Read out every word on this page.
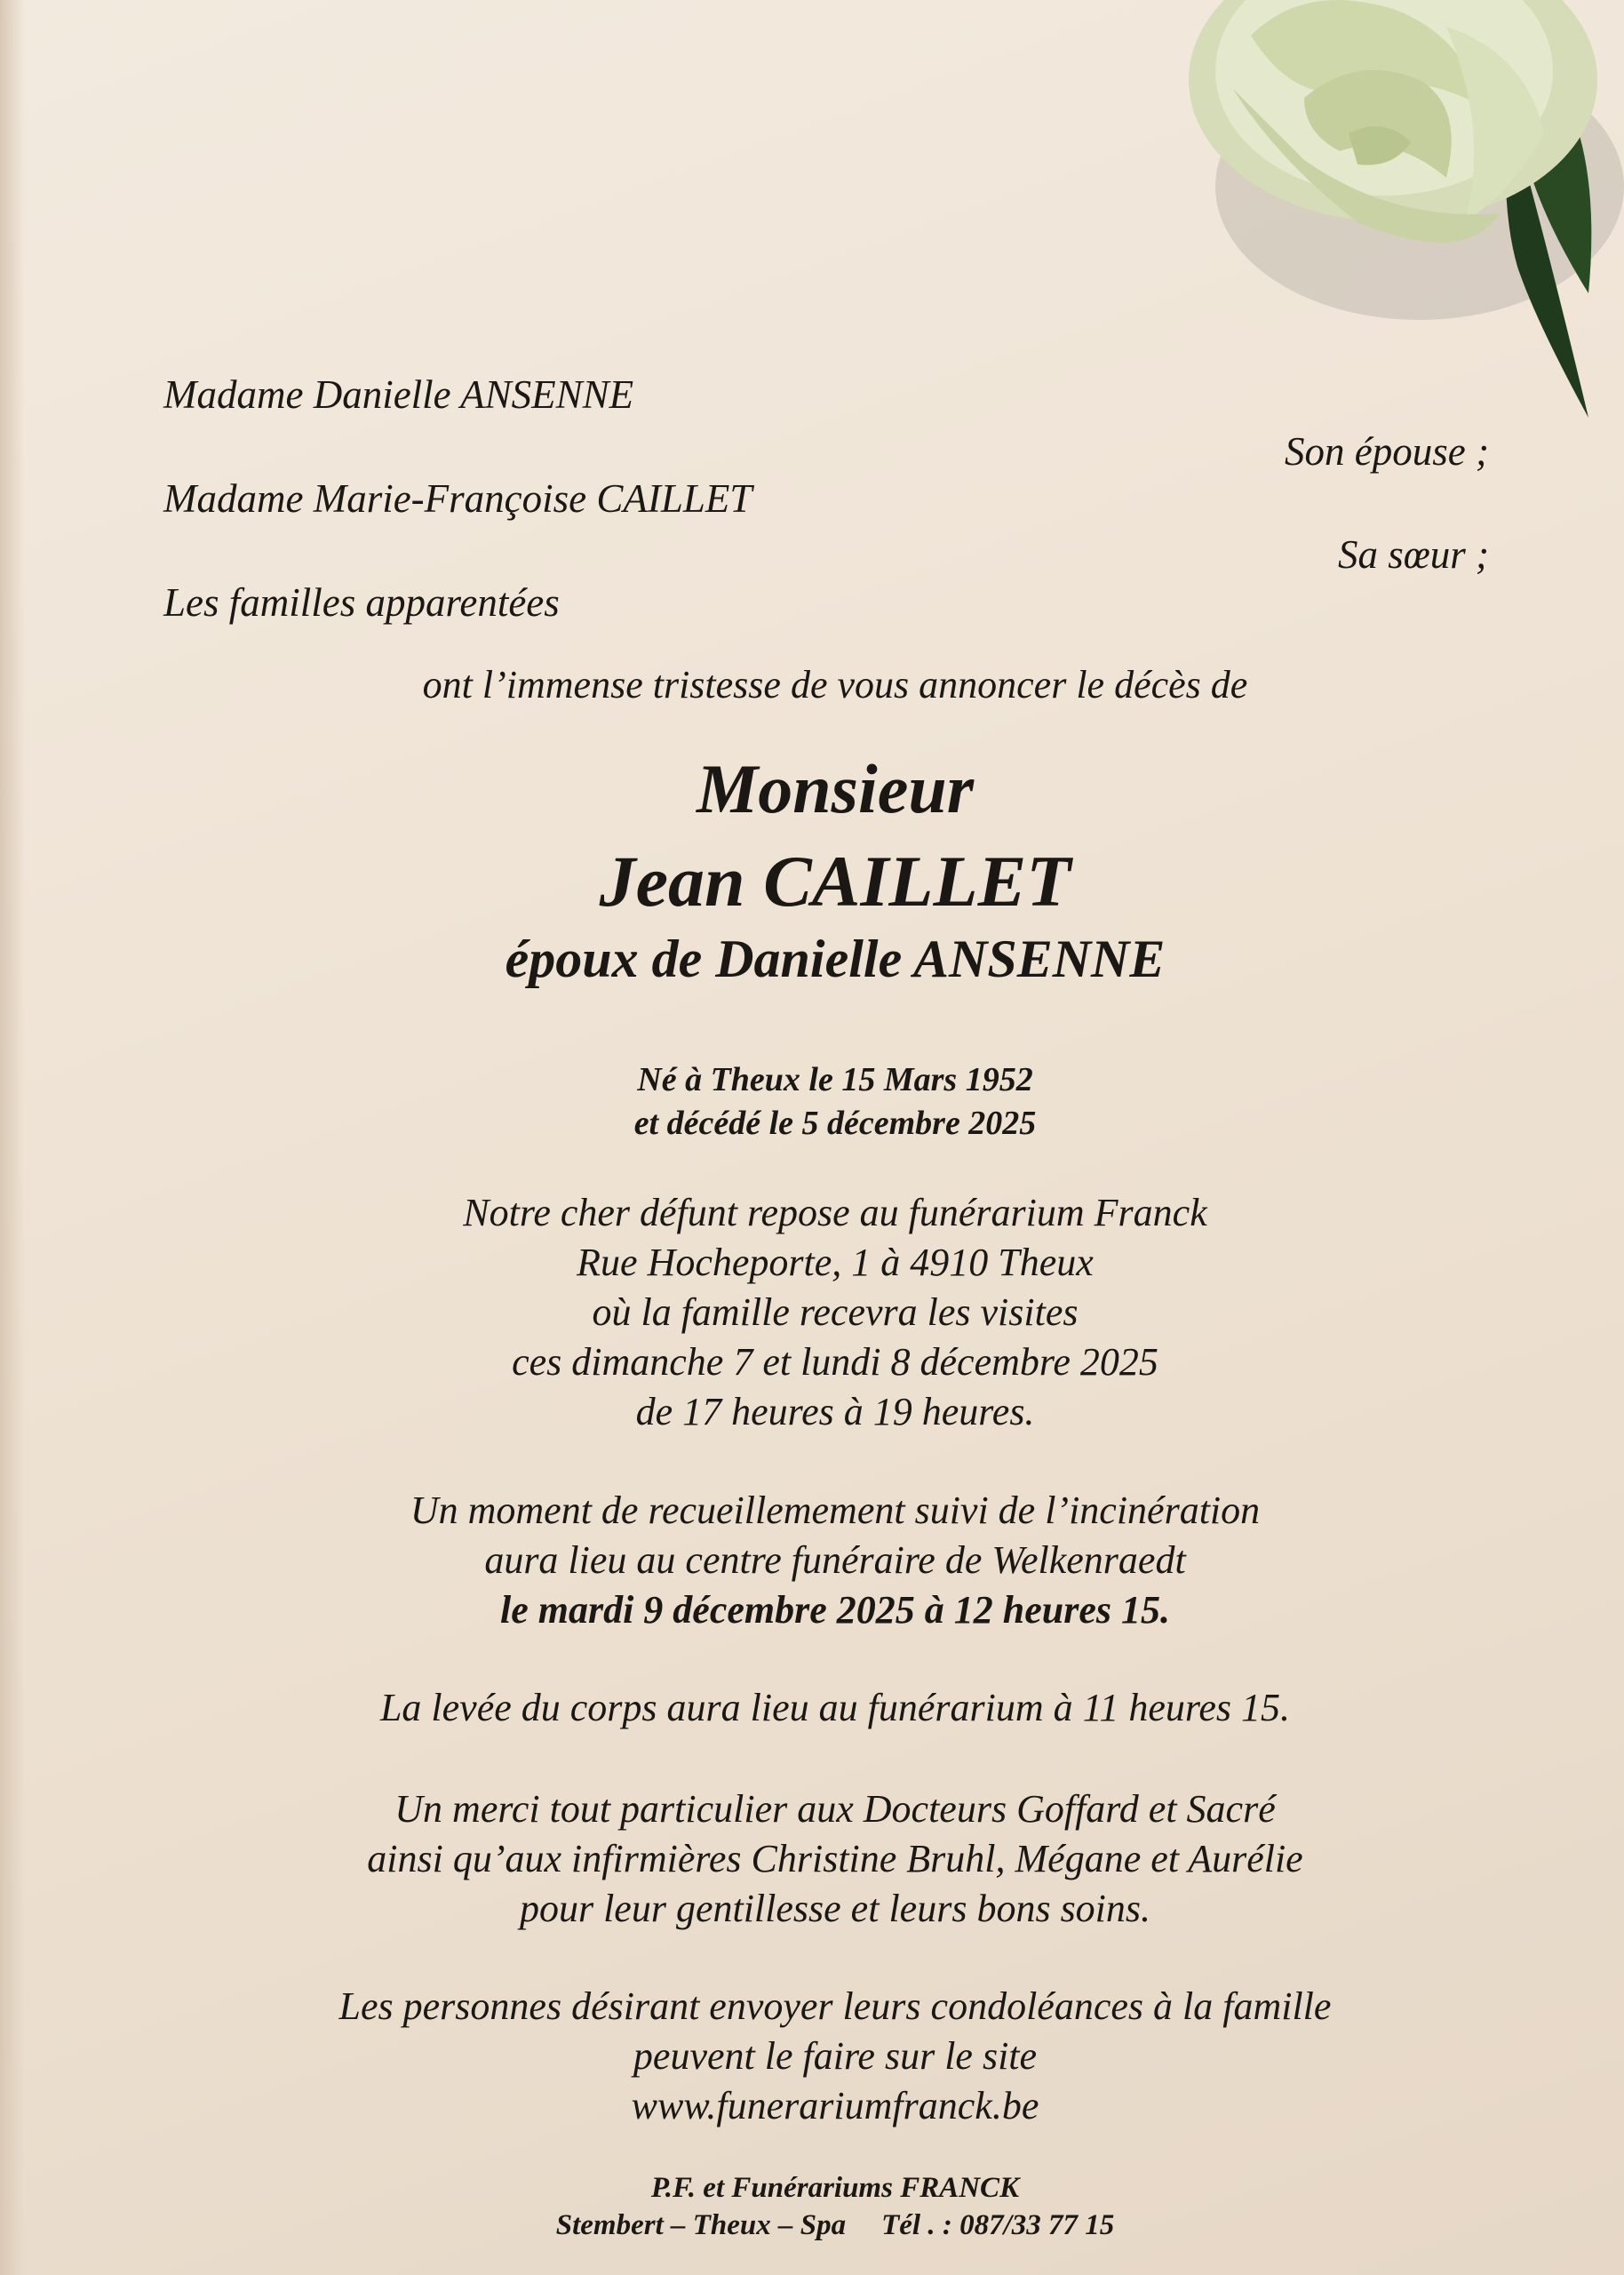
Madame Danielle ANSENNE
Son épouse ;
Madame Marie-Françoise CAILLET
Sa sœur ;
Les familles apparentées
ont l’immense tristesse de vous annoncer le décès de
Monsieur
Jean CAILLET
époux de Danielle ANSENNE
Né à Theux le 15 Mars 1952
et décédé le 5 décembre 2025
Notre cher défunt repose au funérarium Franck
Rue Hocheporte, 1 à 4910 Theux
où la famille recevra les visites
ces dimanche 7 et lundi 8 décembre 2025
de 17 heures à 19 heures.
Un moment de recueillemement suivi de l’incinération
aura lieu au centre funéraire de Welkenraedt
le mardi 9 décembre 2025 à 12 heures 15.
La levée du corps aura lieu au funérarium à 11 heures 15.
Un merci tout particulier aux Docteurs Goffard et Sacré
ainsi qu’aux infirmières Christine Bruhl, Mégane et Aurélie
pour leur gentillesse et leurs bons soins.
Les personnes désirant envoyer leurs condoléances à la famille
peuvent le faire sur le site
www.funerariumfranck.be
P.F. et Funérariums FRANCK
Stembert – Theux – Spa Tél . : 087/33 77 15
